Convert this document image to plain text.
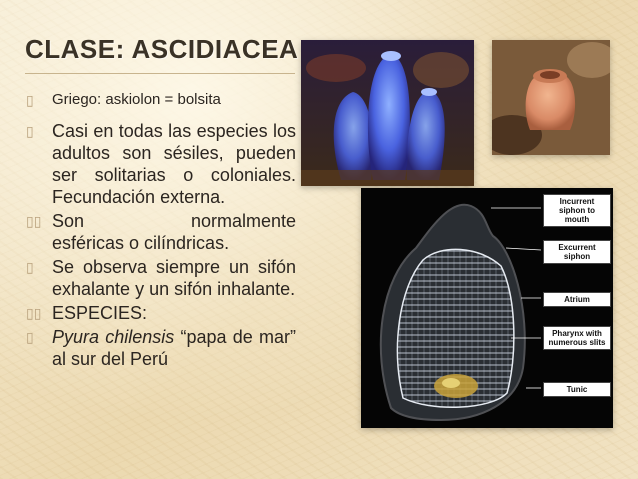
CLASE: ASCIDIACEA
▯ Griego: askiolon = bolsita
▯ Casi en todas las especies los adultos son sésiles, pueden ser solitarias o coloniales. Fecundación externa.
▯▯ Son	normalmente
esféricas o cilíndricas.
▯ Se observa siempre un sifón exhalante y un sifón inhalante.
▯▯ ESPECIES:
▯ Pyura chilensis “papa de mar” al sur del Perú
Incurrent siphon to mouth
Excurrent siphon
Atrium
Pharynx with numerous slits
Tunic
